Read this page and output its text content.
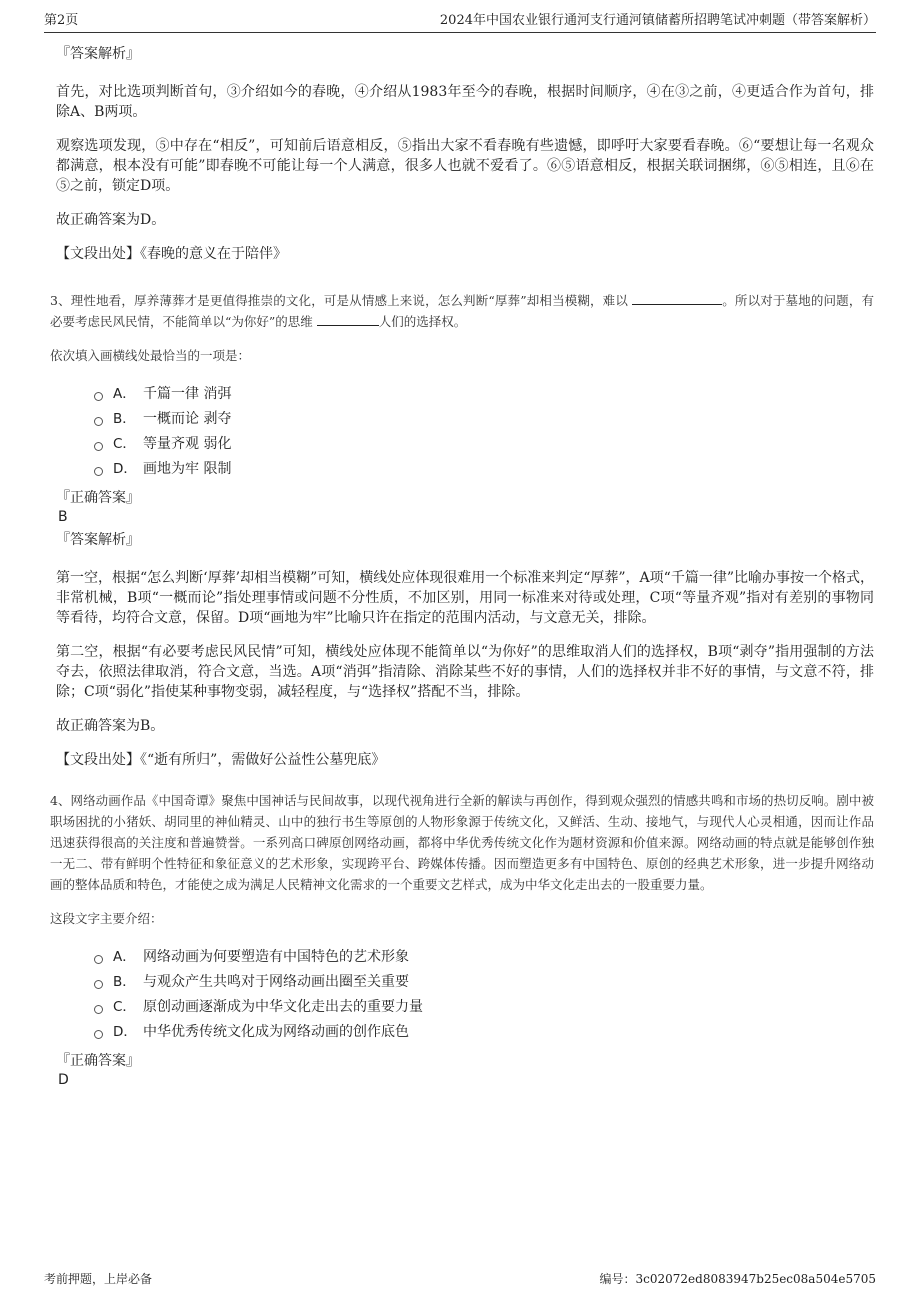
第2页	2024年中国农业银行通河支行通河镇储蓄所招聘笔试冲刺题（带答案解析）
『答案解析』

首先，对比选项判断首句，③介绍如今的春晚，④介绍从1983年至今的春晚，根据时间顺序，④在③之前，④更适合作为首句，排除A、B两项。

观察选项发现，⑤中存在“相反”，可知前后语意相反，⑤指出大家不看春晚有些遗憾，即呼吁大家要看春晚。⑥“要想让每一名观众都满意，根本没有可能”即春晚不可能让每一个人满意，很多人也就不爱看了。⑥⑤语意相反，根据关联词捆绑，⑥⑤相连，且⑥在⑤之前，锁定D项。

故正确答案为D。

【文段出处】《春晚的意义在于陪伴》

3、理性地看，厚养薄葬才是更值得推崇的文化，可是从情感上来说，怎么判断“厚葬”却相当模糊，难以	。所以对于墓地的问题，有必要考虑民风民情，不能简单以“为你好”的思维	人们的选择权。

依次填入画横线处最恰当的一项是：

A． 千篇一律 消弭
B． 一概而论 剥夺
C． 等量齐观 弱化
D． 画地为牢 限制
『正确答案』
B
『答案解析』

第一空，根据“怎么判断‘厚葬’却相当模糊”可知，横线处应体现很难用一个标准来判定“厚葬”，A项“千篇一律”比喻办事按一个格式，非常机械，B项“一概而论”指处理事情或问题不分性质，不加区别，用同一标准来对待或处理，C项“等量齐观”指对有差别的事物同等看待，均符合文意，保留。D项“画地为牢”比喻只许在指定的范围内活动，与文意无关，排除。

第二空，根据“有必要考虑民风民情”可知，横线处应体现不能简单以“为你好”的思维取消人们的选择权，B项“剥夺”指用强制的方法夺去，依照法律取消，符合文意，当选。A项“消弭”指清除、消除某些不好的事情，人们的选择权并非不好的事情，与文意不符，排除；C项“弱化”指使某种事物变弱，减轻程度，与“选择权”搭配不当，排除。

故正确答案为B。

【文段出处】《“逝有所归”，需做好公益性公墓兜底》

4、网络动画作品《中国奇谭》聚焦中国神话与民间故事，以现代视角进行全新的解读与再创作，得到观众强烈的情感共鸣和市场的热切反响。剧中被职场困扰的小猪妖、胡同里的神仙精灵、山中的独行书生等原创的人物形象源于传统文化，又鲜活、生动、接地气，与现代人心灵相通，因而让作品迅速获得很高的关注度和普遍赞誉。一系列高口碑原创网络动画，都将中华优秀传统文化作为题材资源和价值来源。网络动画的特点就是能够创作独一无二、带有鲜明个性特征和象征意义的艺术形象，实现跨平台、跨媒体传播。因而塑造更多有中国特色、原创的经典艺术形象，进一步提升网络动画的整体品质和特色，才能使之成为满足人民精神文化需求的一个重要文艺样式，成为中华文化走出去的一股重要力量。

这段文字主要介绍：

A． 网络动画为何要塑造有中国特色的艺术形象
B． 与观众产生共鸣对于网络动画出圈至关重要
C． 原创动画逐渐成为中华文化走出去的重要力量
D． 中华优秀传统文化成为网络动画的创作底色
『正确答案』
D
考前押题，上岸必备	编号：3c02072ed8083947b25ec08a504e5705
